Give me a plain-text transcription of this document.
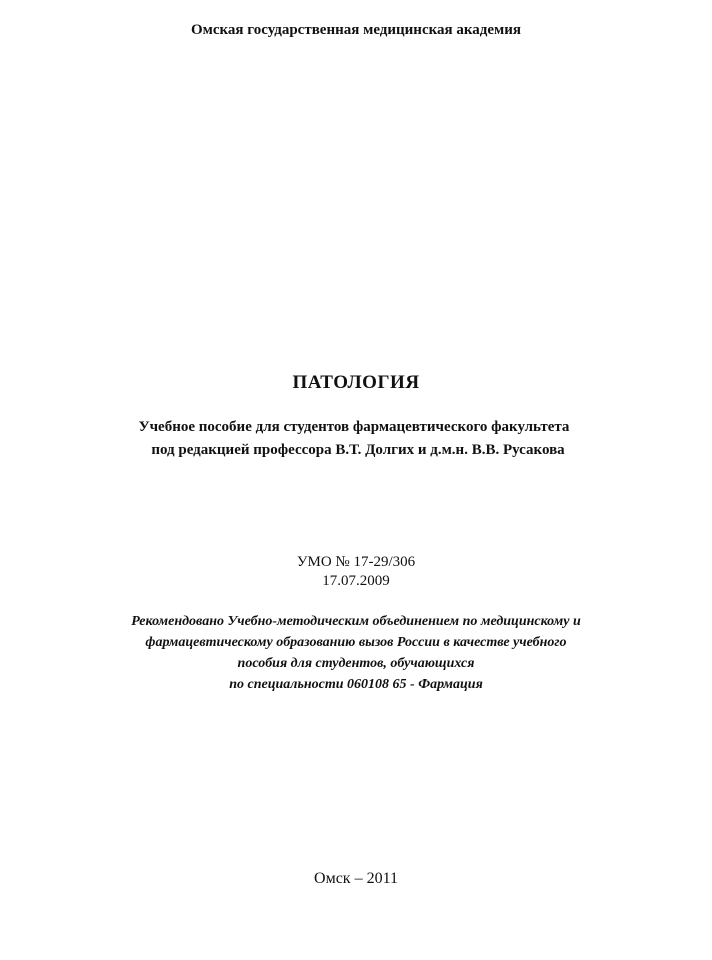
Омская государственная медицинская академия
ПАТОЛОГИЯ
Учебное пособие для студентов фармацевтического факультета
под редакцией профессора В.Т. Долгих и д.м.н. В.В. Русакова
УМО № 17-29/306
17.07.2009
Рекомендовано Учебно-методическим объединением по медицинскому и
фармацевтическому образованию вызов России в качестве учебного
пособия для студентов, обучающихся
по специальности 060108 65 - Фармация
Омск – 2011
